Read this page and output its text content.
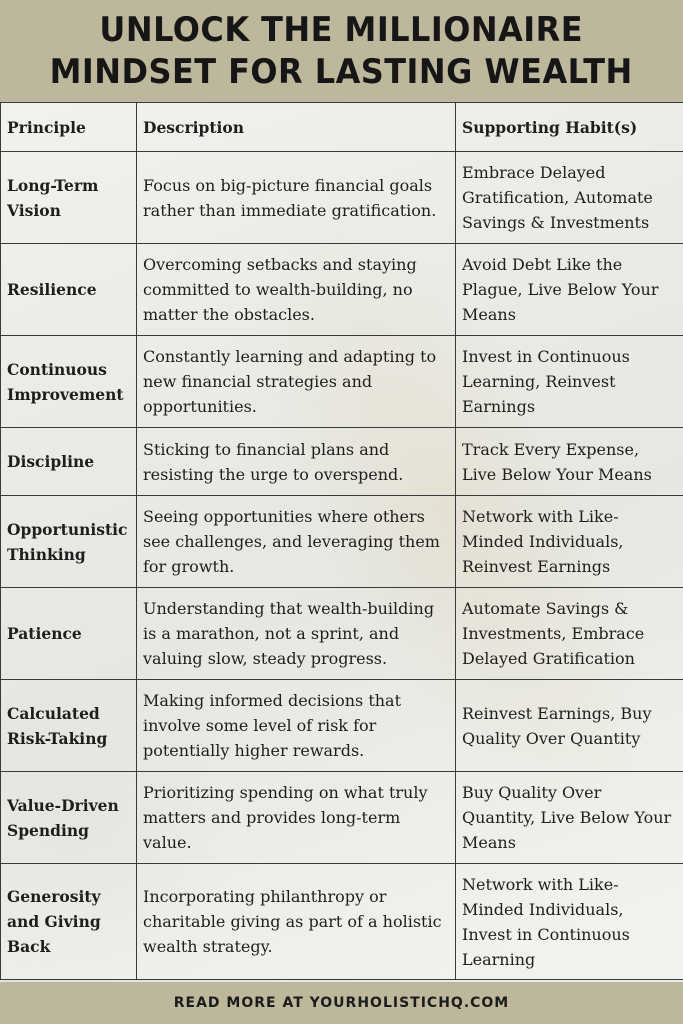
UNLOCK THE MILLIONAIRE
MINDSET FOR LASTING WEALTH
Principle	Description	Supporting Habit(s)
Long-Term Vision	Focus on big-picture financial goals rather than immediate gratification.	Embrace Delayed Gratification, Automate Savings & Investments
Resilience	Overcoming setbacks and staying committed to wealth-building, no matter the obstacles.	Avoid Debt Like the Plague, Live Below Your Means
Continuous Improvement	Constantly learning and adapting to new financial strategies and opportunities.	Invest in Continuous Learning, Reinvest Earnings
Discipline	Sticking to financial plans and resisting the urge to overspend.	Track Every Expense, Live Below Your Means
Opportunistic Thinking	Seeing opportunities where others see challenges, and leveraging them for growth.	Network with Like-Minded Individuals, Reinvest Earnings
Patience	Understanding that wealth-building is a marathon, not a sprint, and valuing slow, steady progress.	Automate Savings & Investments, Embrace Delayed Gratification
Calculated Risk-Taking	Making informed decisions that involve some level of risk for potentially higher rewards.	Reinvest Earnings, Buy Quality Over Quantity
Value-Driven Spending	Prioritizing spending on what truly matters and provides long-term value.	Buy Quality Over Quantity, Live Below Your Means
Generosity and Giving Back	Incorporating philanthropy or charitable giving as part of a holistic wealth strategy.	Network with Like-Minded Individuals, Invest in Continuous Learning
READ MORE AT YOURHOLISTICHQ.COM
